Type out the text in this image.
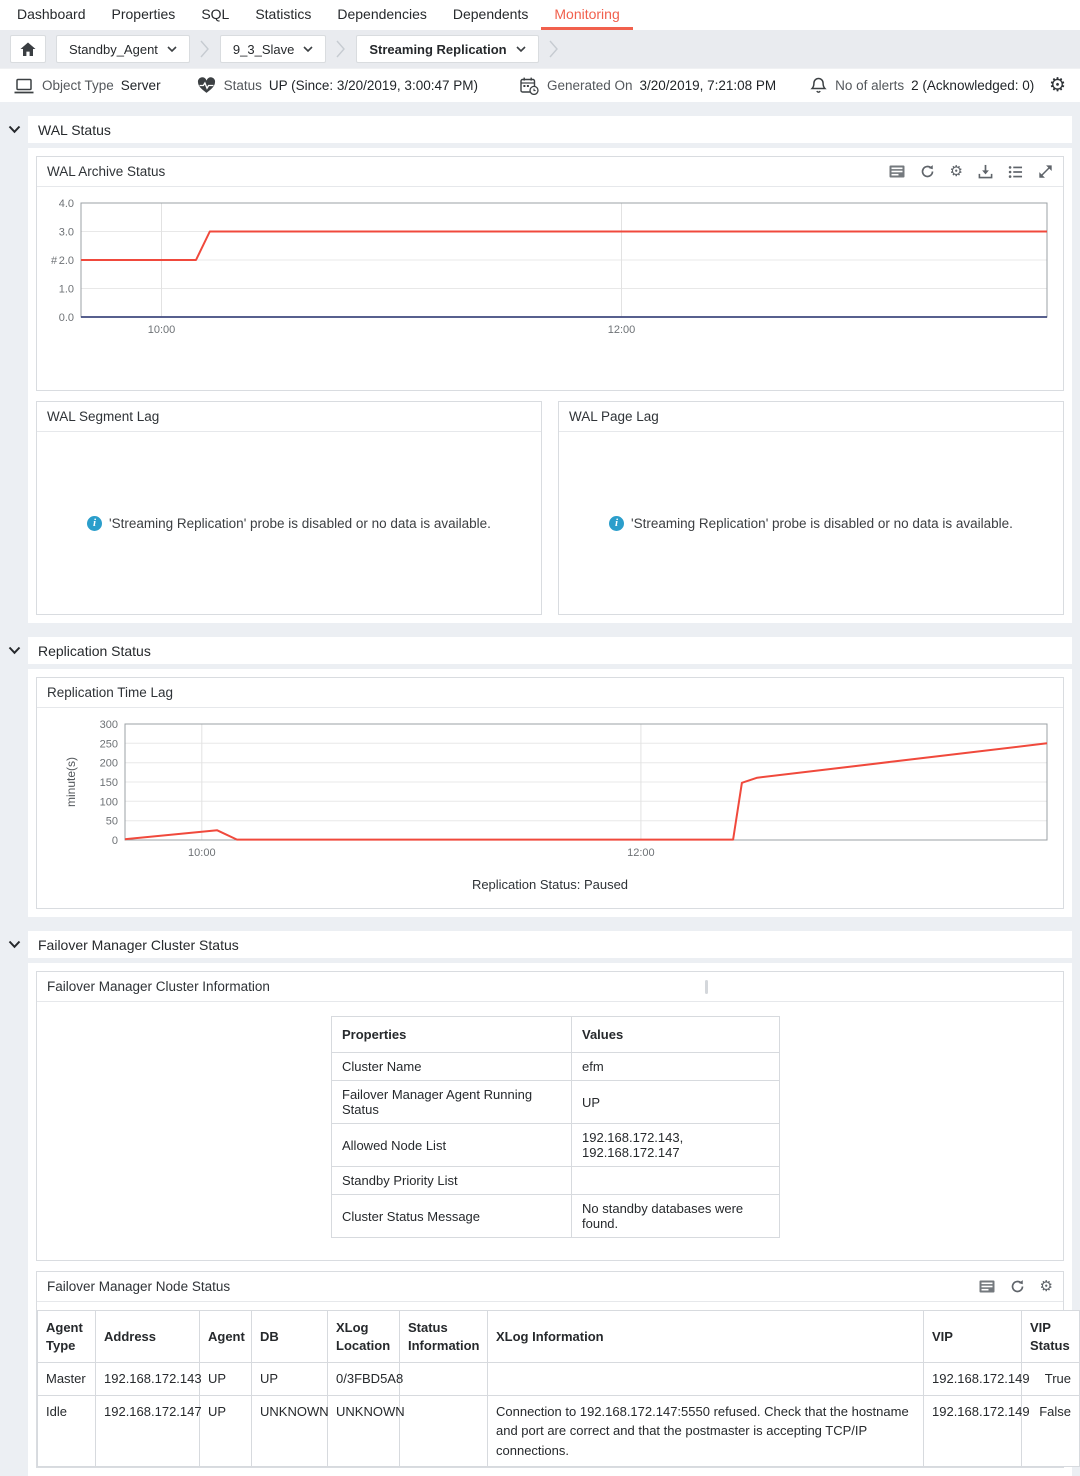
Dashboard	Properties	SQL	Statistics	Dependencies	Dependents	Monitoring
Standby_Agent	9_3_Slave	Streaming Replication
Object Type Server	Status UP (Since: 3/20/2019, 3:00:47 PM)	Generated On 3/20/2019, 7:21:08 PM	No of alerts 2 (Acknowledged: 0) ⚙
WAL Status
WAL Archive Status	⚙
0.0
1.0
2.0
3.0
4.0
10:00	12:00
#
WAL Segment Lag
i 'Streaming Replication' probe is disabled or no data is available.
WAL Page Lag
i 'Streaming Replication' probe is disabled or no data is available.
Replication Status
Replication Time Lag
0
50
100
150
200
250
300
10:00	12:00
minute(s)
Replication Status: Paused
Failover Manager Cluster Status
Failover Manager Cluster Information
Properties	Values
Cluster Name	efm
Failover Manager Agent Running Status	UP
Allowed Node List	192.168.172.143, 192.168.172.147
Standby Priority List	
Cluster Status Message	No standby databases were found.
Failover Manager Node Status	⚙
Agent Type	Address	Agent	DB	XLog Location	Status Information	XLog Information	VIP	VIP Status
Master	192.168.172.143	UP	UP	0/3FBD5A8			192.168.172.149	True
Idle	192.168.172.147	UP	UNKNOWN	UNKNOWN		Connection to 192.168.172.147:5550 refused. Check that the hostname and port are correct and that the postmaster is accepting TCP/IP connections.	192.168.172.149	False
